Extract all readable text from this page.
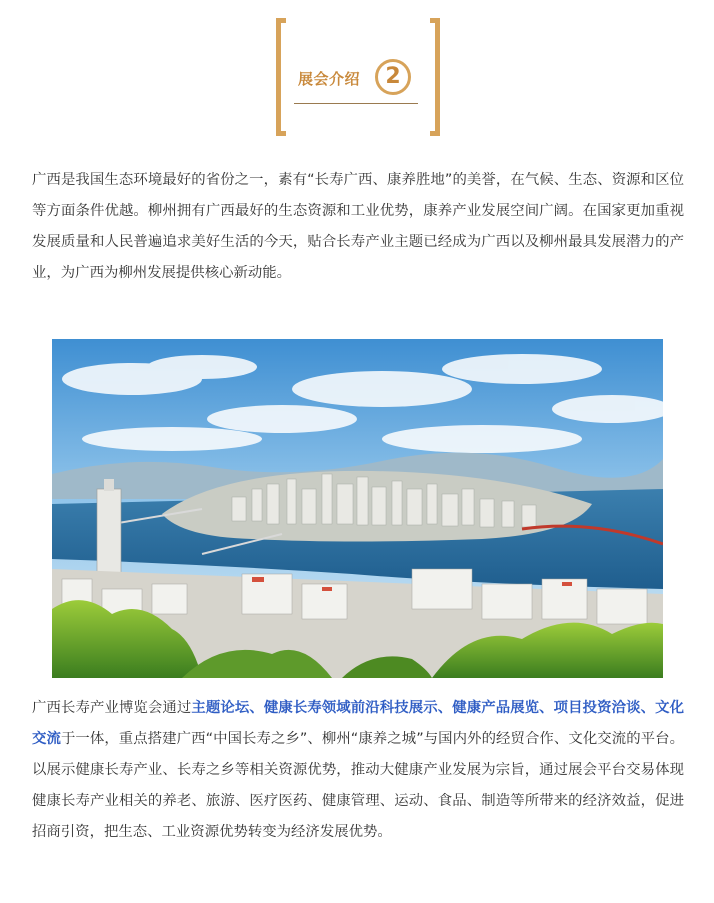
展会介绍	2

广西是我国生态环境最好的省份之一，素有“长寿广西、康养胜地”的美誉，在气候、生态、资源和区位等方面条件优越。柳州拥有广西最好的生态资源和工业优势，康养产业发展空间广阔。在国家更加重视发展质量和人民普遍追求美好生活的今天，贴合长寿产业主题已经成为广西以及柳州最具发展潜力的产业，为广西为柳州发展提供核心新动能。

广西长寿产业博览会通过主题论坛、健康长寿领域前沿科技展示、健康产品展览、项目投资洽谈、文化交流于一体，重点搭建广西“中国长寿之乡”、柳州“康养之城”与国内外的经贸合作、文化交流的平台。以展示健康长寿产业、长寿之乡等相关资源优势，推动大健康产业发展为宗旨，通过展会平台交易体现健康长寿产业相关的养老、旅游、医疗医药、健康管理、运动、食品、制造等所带来的经济效益，促进招商引资，把生态、工业资源优势转变为经济发展优势。
